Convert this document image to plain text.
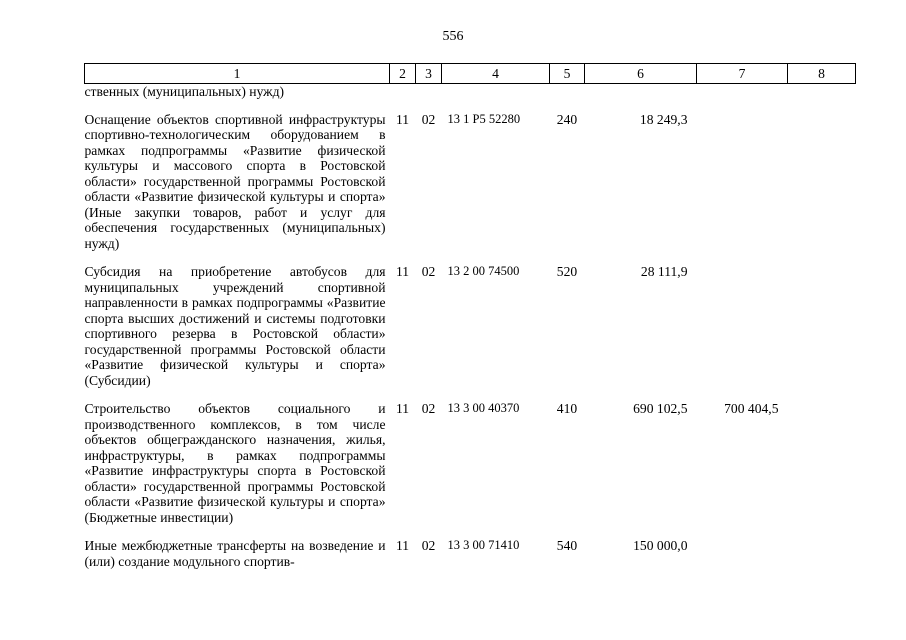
556
1	2	3	4	5	6	7	8
ственных (муниципальных) нужд)							
Оснащение объектов спортивной инфраструктуры спортивно-технологическим оборудованием в рамках подпрограммы «Развитие физической культуры и массового спорта в Ростовской области» государственной программы Ростовской области «Развитие физической культуры и спорта» (Иные закупки товаров, работ и услуг для обеспечения государственных (муниципальных) нужд)	11	02	13 1 P5 52280	240	18 249,3		
Субсидия на приобретение автобусов для муниципальных учреждений спортивной направленности в рамках подпрограммы «Развитие спорта высших достижений и системы подготовки спортивного резерва в Ростовской области» государственной программы Ростовской области «Развитие физической культуры и спорта» (Субсидии)	11	02	13 2 00 74500	520	28 111,9		
Строительство объектов социального и производственного комплексов, в том числе объектов общегражданского назначения, жилья, инфраструктуры, в рамках подпрограммы «Развитие инфраструктуры спорта в Ростовской области» государственной программы Ростовской области «Развитие физической культуры и спорта» (Бюджетные инвестиции)	11	02	13 3 00 40370	410	690 102,5	700 404,5	
Иные межбюджетные трансферты на возведение и (или) создание модульного спортив-	11	02	13 3 00 71410	540	150 000,0		
